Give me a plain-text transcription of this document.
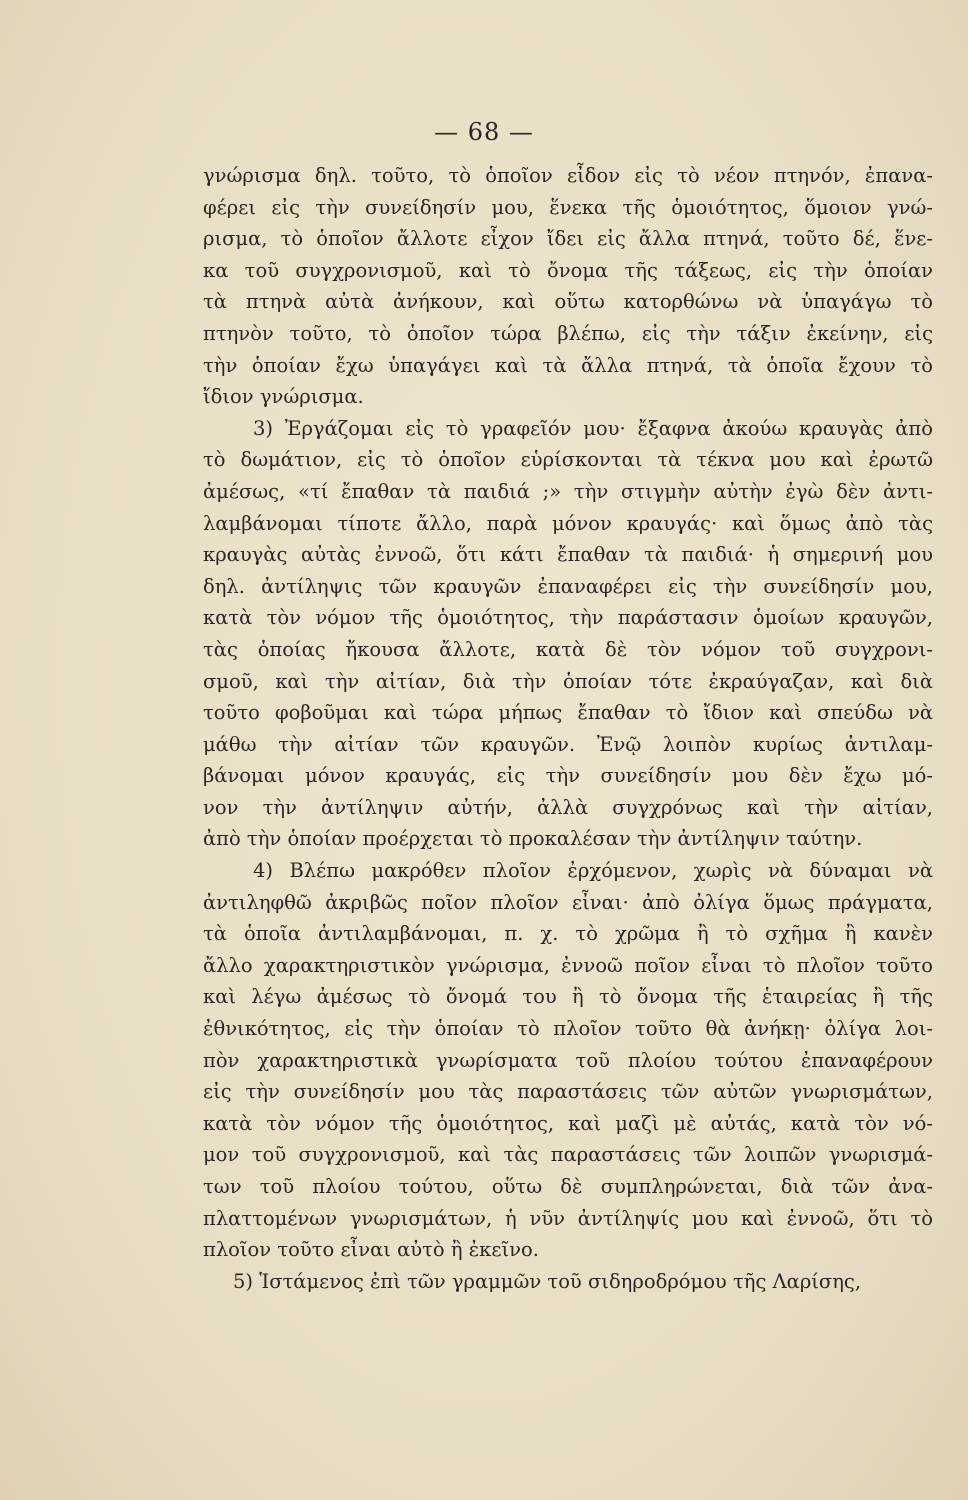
— 68 —
γνώρισμα δηλ. τοῦτο, τὸ ὁποῖον εἶδον εἰς τὸ νέον πτηνόν, ἐπανα-
φέρει εἰς τὴν συνείδησίν μου, ἕνεκα τῆς ὁμοιότητος, ὅμοιον γνώ-
ρισμα, τὸ ὁποῖον ἄλλοτε εἶχον ἴδει εἰς ἄλλα πτηνά, τοῦτο δέ, ἕνε-
κα τοῦ συγχρονισμοῦ, καὶ τὸ ὄνομα τῆς τάξεως, εἰς τὴν ὁποίαν
τὰ πτηνὰ αὐτὰ ἀνήκουν, καὶ οὕτω κατορθώνω νὰ ὑπαγάγω τὸ
πτηνὸν τοῦτο, τὸ ὁποῖον τώρα βλέπω, εἰς τὴν τάξιν ἐκείνην, εἰς
τὴν ὁποίαν ἔχω ὑπαγάγει καὶ τὰ ἄλλα πτηνά, τὰ ὁποῖα ἔχουν τὸ
ἴδιον γνώρισμα.
3) Ἐργάζομαι εἰς τὸ γραφεῖόν μου· ἔξαφνα ἀκούω κραυγὰς ἀπὸ
τὸ δωμάτιον, εἰς τὸ ὁποῖον εὑρίσκονται τὰ τέκνα μου καὶ ἐρωτῶ
ἀμέσως, «τί ἔπαθαν τὰ παιδιά ;» τὴν στιγμὴν αὐτὴν ἐγὼ δὲν ἀντι-
λαμβάνομαι τίποτε ἄλλο, παρὰ μόνον κραυγάς· καὶ ὅμως ἀπὸ τὰς
κραυγὰς αὐτὰς ἐννοῶ, ὅτι κάτι ἔπαθαν τὰ παιδιά· ἡ σημερινή μου
δηλ. ἀντίληψις τῶν κραυγῶν ἐπαναφέρει εἰς τὴν συνείδησίν μου,
κατὰ τὸν νόμον τῆς ὁμοιότητος, τὴν παράστασιν ὁμοίων κραυγῶν,
τὰς ὁποίας ἤκουσα ἄλλοτε, κατὰ δὲ τὸν νόμον τοῦ συγχρονι-
σμοῦ, καὶ τὴν αἰτίαν, διὰ τὴν ὁποίαν τότε ἐκραύγαζαν, καὶ διὰ
τοῦτο φοβοῦμαι καὶ τώρα μήπως ἔπαθαν τὸ ἴδιον καὶ σπεύδω νὰ
μάθω τὴν αἰτίαν τῶν κραυγῶν. Ἐνῷ λοιπὸν κυρίως ἀντιλαμ-
βάνομαι μόνον κραυγάς, εἰς τὴν συνείδησίν μου δὲν ἔχω μό-
νον τὴν ἀντίληψιν αὐτήν, ἀλλὰ συγχρόνως καὶ τὴν αἰτίαν,
ἀπὸ τὴν ὁποίαν προέρχεται τὸ προκαλέσαν τὴν ἀντίληψιν ταύτην.
4) Βλέπω μακρόθεν πλοῖον ἐρχόμενον, χωρὶς νὰ δύναμαι νὰ
ἀντιληφθῶ ἀκριβῶς ποῖον πλοῖον εἶναι· ἀπὸ ὀλίγα ὅμως πράγματα,
τὰ ὁποῖα ἀντιλαμβάνομαι, π. χ. τὸ χρῶμα ἢ τὸ σχῆμα ἢ κανὲν
ἄλλο χαρακτηριστικὸν γνώρισμα, ἐννοῶ ποῖον εἶναι τὸ πλοῖον τοῦτο
καὶ λέγω ἀμέσως τὸ ὄνομά του ἢ τὸ ὄνομα τῆς ἑταιρείας ἢ τῆς
ἐθνικότητος, εἰς τὴν ὁποίαν τὸ πλοῖον τοῦτο θὰ ἀνήκῃ· ὀλίγα λοι-
πὸν χαρακτηριστικὰ γνωρίσματα τοῦ πλοίου τούτου ἐπαναφέρουν
εἰς τὴν συνείδησίν μου τὰς παραστάσεις τῶν αὐτῶν γνωρισμάτων,
κατὰ τὸν νόμον τῆς ὁμοιότητος, καὶ μαζὶ μὲ αὐτάς, κατὰ τὸν νό-
μον τοῦ συγχρονισμοῦ, καὶ τὰς παραστάσεις τῶν λοιπῶν γνωρισμά-
των τοῦ πλοίου τούτου, οὕτω δὲ συμπληρώνεται, διὰ τῶν ἀνα-
πλαττομένων γνωρισμάτων, ἡ νῦν ἀντίληψίς μου καὶ ἐννοῶ, ὅτι τὸ
πλοῖον τοῦτο εἶναι αὐτὸ ἢ ἐκεῖνο.
5) Ἱστάμενος ἐπὶ τῶν γραμμῶν τοῦ σιδηροδρόμου τῆς Λαρίσης,
